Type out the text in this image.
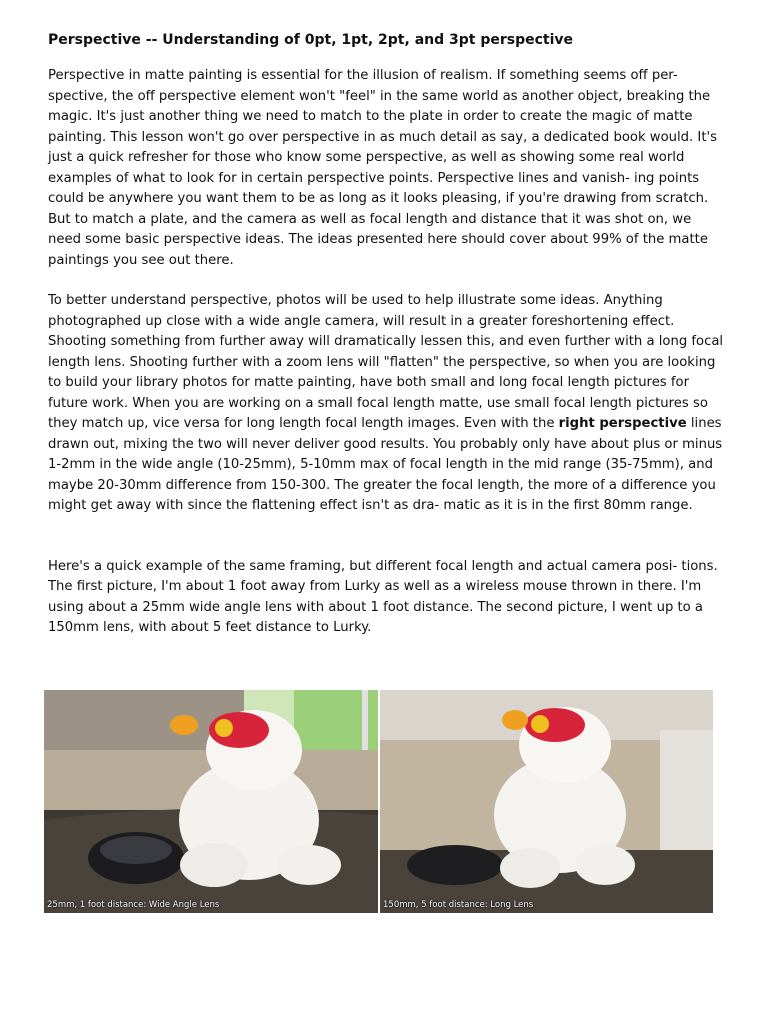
Perspective -- Understanding of 0pt, 1pt, 2pt, and 3pt perspective

Perspective in matte painting is essential for the illusion of realism. If something seems off per- spective, the off perspective element won't "feel" in the same world as another object, breaking the magic. It's just another thing we need to match to the plate in order to create the magic of matte painting. This lesson won't go over perspective in as much detail as say, a dedicated book would. It's just a quick refresher for those who know some perspective, as well as showing some real world examples of what to look for in certain perspective points. Perspective lines and vanish- ing points could be anywhere you want them to be as long as it looks pleasing, if you're drawing from scratch. But to match a plate, and the camera as well as focal length and distance that it was shot on, we need some basic perspective ideas. The ideas presented here should cover about 99% of the matte paintings you see out there.

To better understand perspective, photos will be used to help illustrate some ideas. Anything photographed up close with a wide angle camera, will result in a greater foreshortening effect. Shooting something from further away will dramatically lessen this, and even further with a long focal length lens. Shooting further with a zoom lens will "flatten" the perspective, so when you are looking to build your library photos for matte painting, have both small and long focal length pictures for future work. When you are working on a small focal length matte, use small focal length pictures so they match up, vice versa for long length focal length images. Even with the right perspective lines drawn out, mixing the two will never deliver good results. You probably only have about plus or minus 1-2mm in the wide angle (10-25mm), 5-10mm max of focal length in the mid range (35-75mm), and maybe 20-30mm difference from 150-300. The greater the focal length, the more of a difference you might get away with since the flattening effect isn't as dra- matic as it is in the first 80mm range.

Here's a quick example of the same framing, but different focal length and actual camera posi- tions. The first picture, I'm about 1 foot away from Lurky as well as a wireless mouse thrown in there. I'm using about a 25mm wide angle lens with about 1 foot distance. The second picture, I went up to a 150mm lens, with about 5 feet distance to Lurky.

25mm, 1 foot distance: Wide Angle Lens	150mm, 5 foot distance: Long Lens
